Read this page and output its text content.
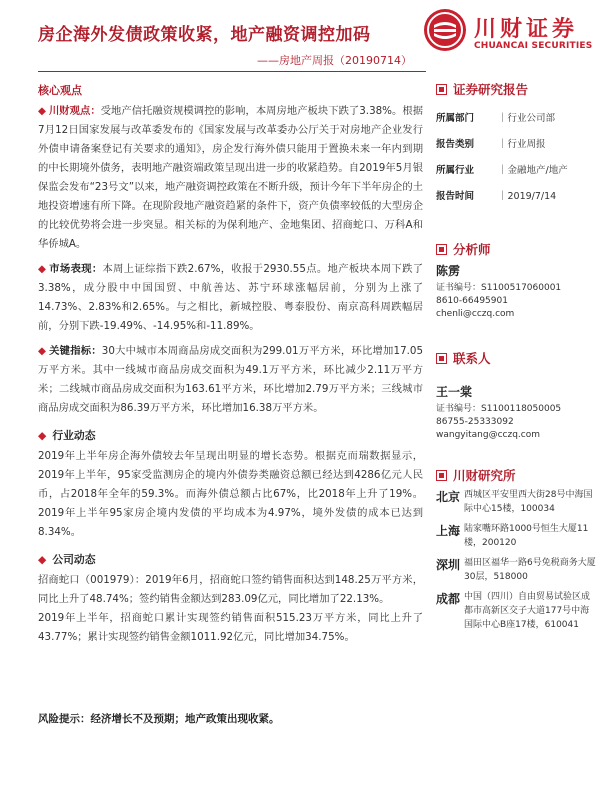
房企海外发债政策收紧，地产融资调控加码
——房地产周报（20190714）
川财证券
CHUANCAI SECURITIES
核心观点
◆ 川财观点：受地产信托融资规模调控的影响，本周房地产板块下跌了3.38%。根据7月12日国家发展与改革委发布的《国家发展与改革委办公厅关于对房地产企业发行外债申请备案登记有关要求的通知》，房企发行海外债只能用于置换未来一年内到期的中长期境外债务，表明地产融资端政策呈现出进一步的收紧趋势。自2019年5月银保监会发布“23号文”以来，地产融资调控政策在不断升级，预计今年下半年房企的土地投资增速有所下降。在现阶段地产融资趋紧的条件下，资产负债率较低的大型房企的比较优势将会进一步突显。相关标的为保利地产、金地集团、招商蛇口、万科A和华侨城A。
◆ 市场表现：本周上证综指下跌2.67%，收报于2930.55点。地产板块本周下跌了3.38%，成分股中中国国贸、中航善达、苏宁环球涨幅居前，分别为上涨了14.73%、2.83%和2.65%。与之相比，新城控股、粤泰股份、南京高科周跌幅居前，分别下跌-19.49%、-14.95%和-11.89%。
◆ 关键指标：30大中城市本周商品房成交面积为299.01万平方米，环比增加17.05万平方米。其中一线城市商品房成交面积为49.1万平方米，环比减少2.11万平方米；二线城市商品房成交面积为163.61平方米，环比增加2.79万平方米；三线城市商品房成交面积为86.39万平方米，环比增加16.38万平方米。
◆ 行业动态
2019年上半年房企海外债较去年呈现出明显的增长态势。根据克而瑞数据显示，2019年上半年，95家受监测房企的境内外债券类融资总额已经达到4286亿元人民币，占2018年全年的59.3%。而海外债总额占比67%，比2018年上升了19%。2019年上半年95家房企境内发债的平均成本为4.97%，境外发债的成本已达到8.34%。
◆ 公司动态
招商蛇口（001979）：2019年6月，招商蛇口签约销售面积达到148.25万平方米，同比上升了48.74%；签约销售金额达到283.09亿元，同比增加了22.13%。
2019年上半年，招商蛇口累计实现签约销售面积515.23万平方米，同比上升了43.77%；累计实现签约销售金额1011.92亿元，同比增加34.75%。
风险提示：经济增长不及预期；地产政策出现收紧。
证券研究报告
所属部门	｜行业公司部
报告类别	｜行业周报
所属行业	｜金融地产/地产
报告时间	｜2019/7/14
分析师
陈雳
证书编号：S1100517060001
8610-66495901
chenli@cczq.com
联系人
王一棠
证书编号：S1100118050005
86755-25333092
wangyitang@cczq.com
川财研究所
北京 西城区平安里西大街28号中海国际中心15楼，100034
上海 陆家嘴环路1000号恒生大厦11楼，200120
深圳 福田区福华一路6号免税商务大厦30层，518000
成都 中国（四川）自由贸易试验区成都市高新区交子大道177号中海国际中心B座17楼，610041
